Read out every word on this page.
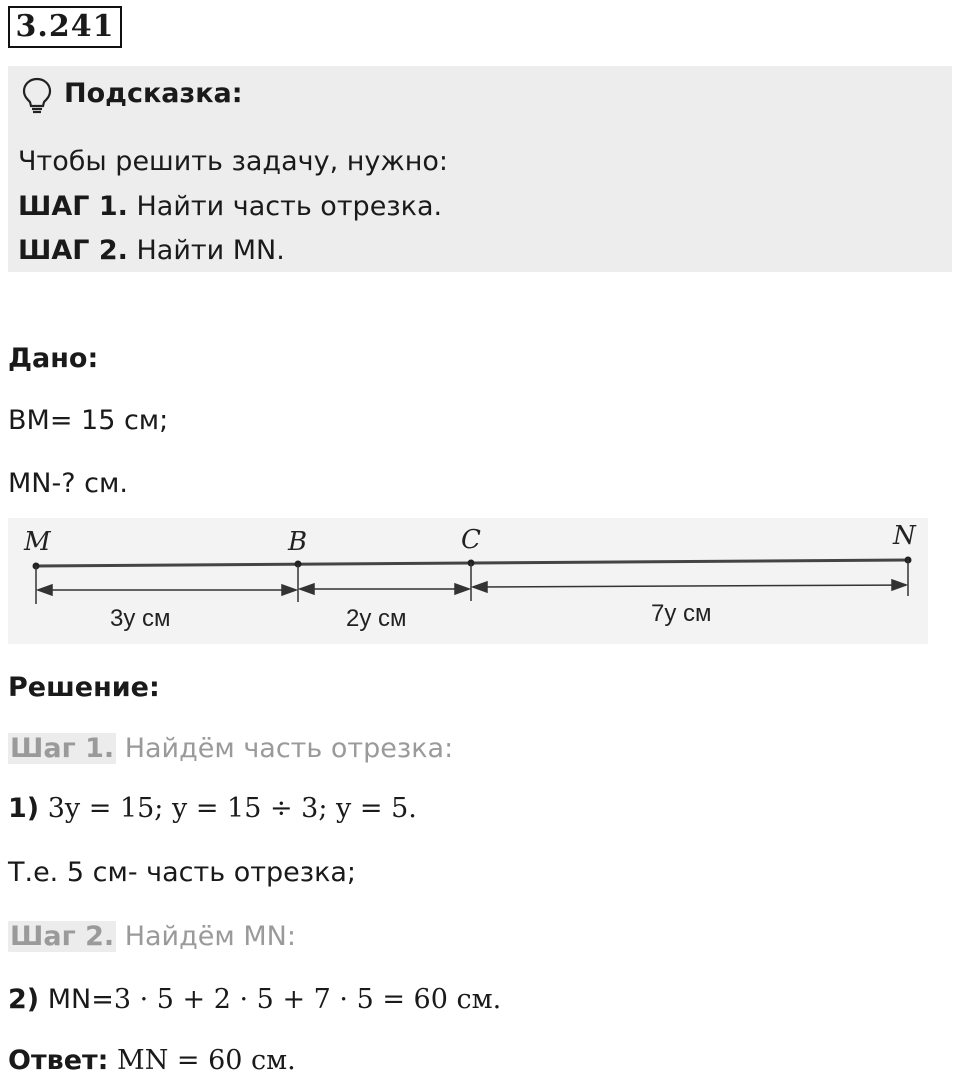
3.241
Подсказка:
Чтобы решить задачу, нужно:
ШАГ 1. Найти часть отрезка.
ШАГ 2. Найти MN.
Дано:
BM= 15 см;
MN-? см.
M	B	C	N
3y см	2y см	7y см
Решение:
Шаг 1. Найдём часть отрезка:
1) 3y = 15; y = 15 ÷ 3; y = 5.
Т.е. 5 см- часть отрезка;
Шаг 2. Найдём MN:
2) MN=3 · 5 + 2 · 5 + 7 · 5 = 60 см.
Ответ: MN = 60 см.
